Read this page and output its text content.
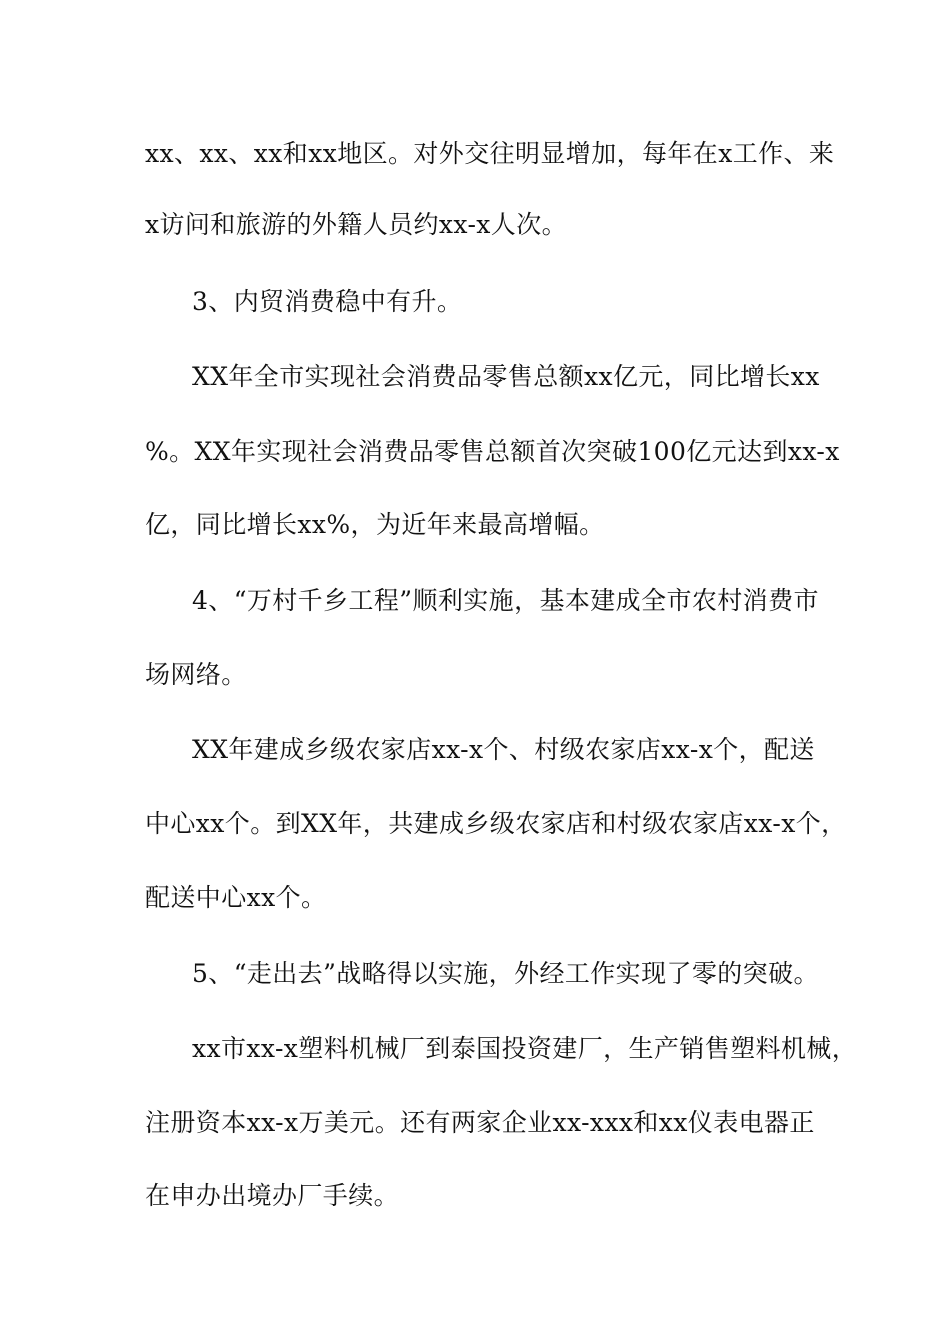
xx、xx、xx和xx地区。对外交往明显增加，每年在x工作、来
x访问和旅游的外籍人员约xx-x人次。
3、内贸消费稳中有升。
XX年全市实现社会消费品零售总额xx亿元，同比增长xx
%。XX年实现社会消费品零售总额首次突破100亿元达到xx-x
亿，同比增长xx%，为近年来最高增幅。
4、“万村千乡工程”顺利实施，基本建成全市农村消费市
场网络。
XX年建成乡级农家店xx-x个、村级农家店xx-x个，配送
中心xx个。到XX年，共建成乡级农家店和村级农家店xx-x个，
配送中心xx个。
5、“走出去”战略得以实施，外经工作实现了零的突破。
xx市xx-x塑料机械厂到泰国投资建厂，生产销售塑料机械，
注册资本xx-x万美元。还有两家企业xx-xxx和xx仪表电器正
在申办出境办厂手续。
